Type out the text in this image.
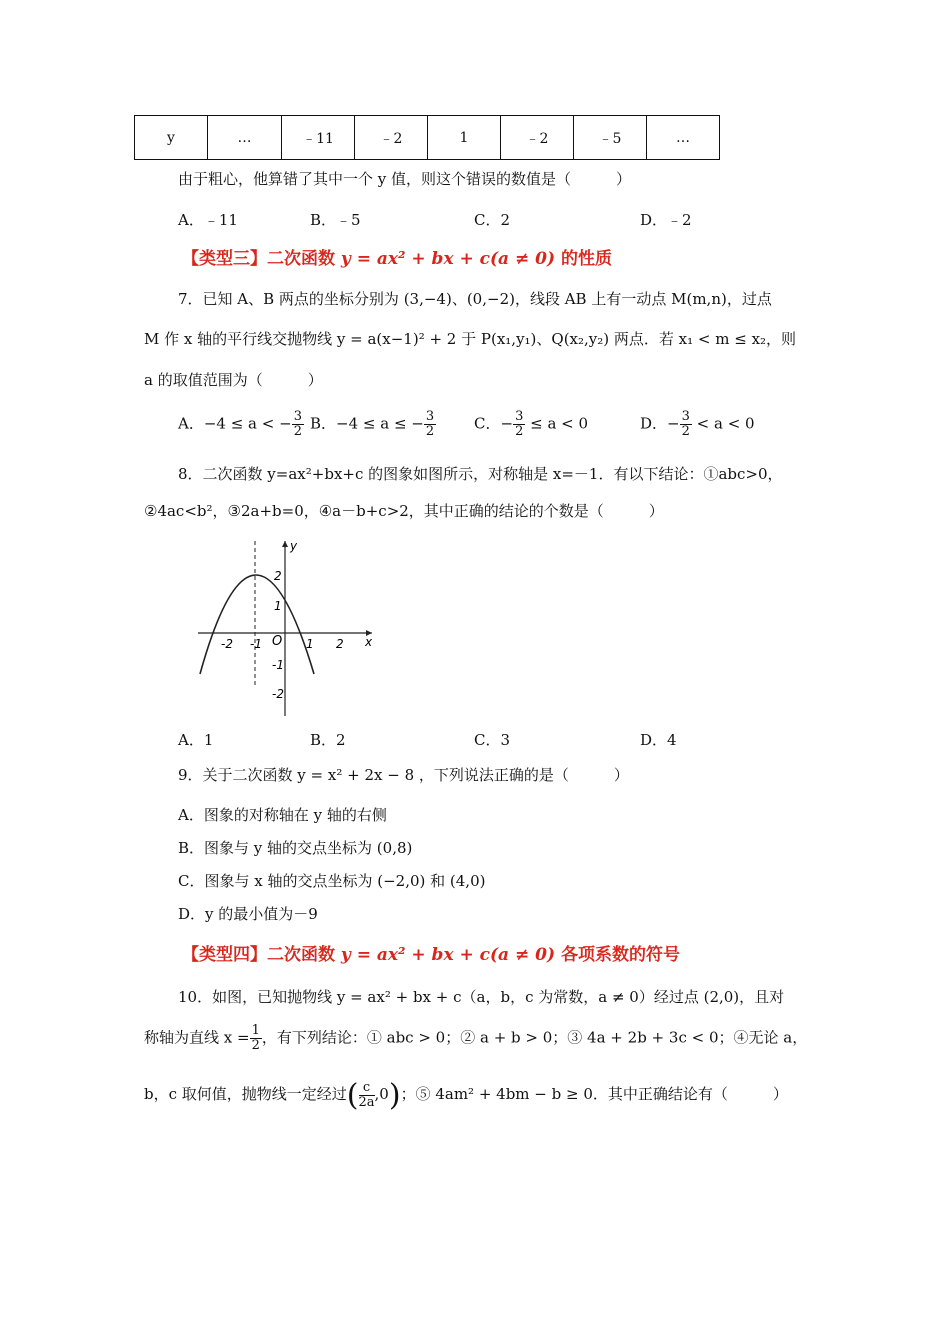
y	…	﹣11	﹣2	1	﹣2	﹣5	…
由于粗心，他算错了其中一个 y 值，则这个错误的数值是（　　　）
A．﹣11	B．﹣5	C．2	D．﹣2
【类型三】二次函数 y = ax² + bx + c(a ≠ 0) 的性质
7．已知 A、B 两点的坐标分别为 (3,−4)、(0,−2)，线段 AB 上有一动点 M(m,n)，过点
M 作 x 轴的平行线交抛物线 y = a(x−1)² + 2 于 P(x₁,y₁)、Q(x₂,y₂) 两点．若 x₁ < m ≤ x₂，则
a 的取值范围为（　　　）
A．−4 ≤ a < − $\frac{3}{2}$ B．−4 ≤ a ≤ − $\frac{3}{2}$	C．− $\frac{3}{2} \le a < 0$	D．− $\frac{3}{2} < a < 0$
8．二次函数 y=ax²+bx+c 的图象如图所示，对称轴是 x=－1．有以下结论：①abc>0，
②4ac<b²，③2a+b=0，④a－b+c>2，其中正确的结论的个数是（　　　）
-2 -1	1 2
2
1
-1
-2
O	x
y
A．1	B．2	C．3	D．4
9．关于二次函数 y = x² + 2x − 8 ，下列说法正确的是（　　　）
A．图象的对称轴在 y 轴的右侧
B．图象与 y 轴的交点坐标为 (0,8)
C．图象与 x 轴的交点坐标为 (−2,0) 和 (4,0)
D．y 的最小值为－9
【类型四】二次函数 y = ax² + bx + c(a ≠ 0) 各项系数的符号
10．如图，已知抛物线 y = ax² + bx + c（a，b，c 为常数，a ≠ 0）经过点 (2,0)，且对
称轴为直线 $x = \frac{1}{2}$ ，有下列结论：① abc > 0；② a + b > 0；③ 4a + 2b + 3c < 0；④无论 a，
b，c 取何值，抛物线一定经过( $\frac{c}{2a} ,0$)；⑤ 4am² + 4bm − b ≥ 0．其中正确结论有（　　　）
